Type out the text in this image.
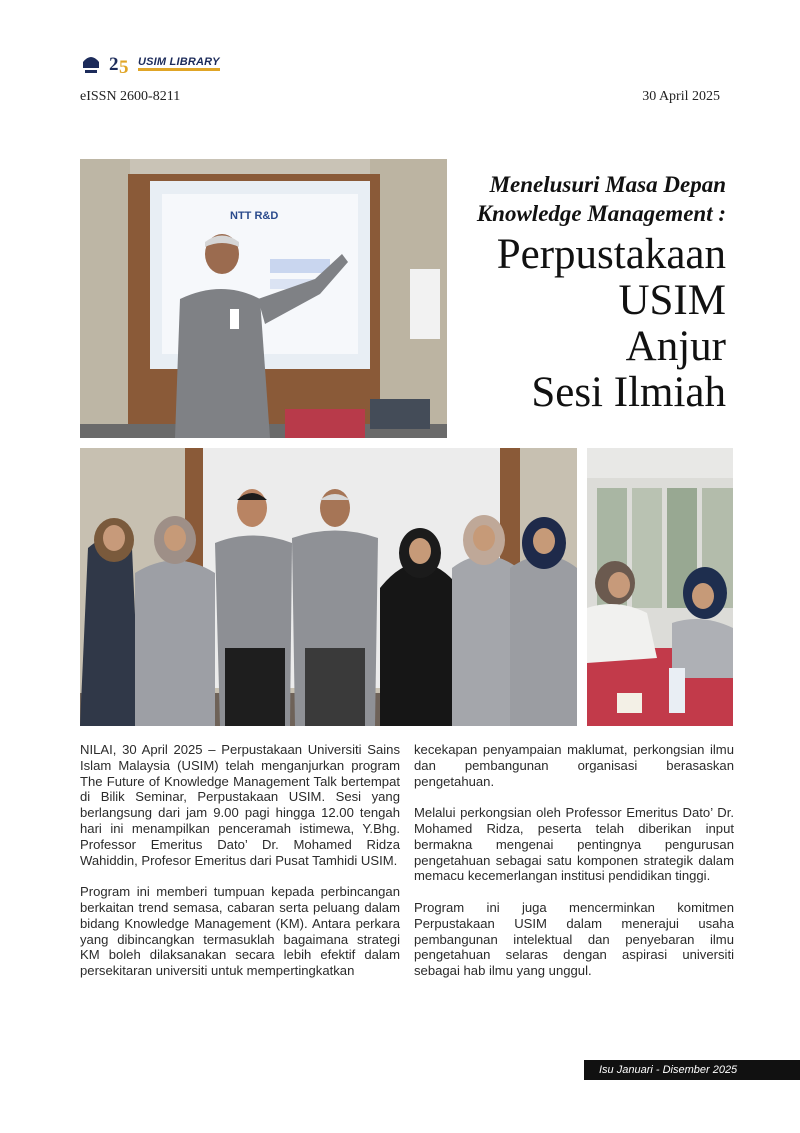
2 5 USIM LIBRARY
eISSN 2600-8211	30 April 2025
NTT R&D
Menelusuri Masa Depan
Knowledge Management :
Perpustakaan
USIM
Anjur
Sesi Ilmiah

NILAI, 30 April 2025 – Perpustakaan Universiti Sains Islam Malaysia (USIM) telah menganjurkan program The Future of Knowledge Management Talk bertempat di Bilik Seminar, Perpustakaan USIM. Sesi yang berlangsung dari jam 9.00 pagi hingga 12.00 tengah hari ini menampilkan penceramah istimewa, Y.Bhg. Professor Emeritus Dato’ Dr. Mohamed Ridza Wahiddin, Profesor Emeritus dari Pusat Tamhidi USIM.

Program ini memberi tumpuan kepada perbincangan berkaitan trend semasa, cabaran serta peluang dalam bidang Knowledge Management (KM). Antara perkara yang dibincangkan termasuklah bagaimana strategi KM boleh dilaksanakan secara lebih efektif dalam persekitaran universiti untuk mempertingkatkan

kecekapan penyampaian maklumat, perkongsian ilmu dan pembangunan organisasi berasaskan pengetahuan.

Melalui perkongsian oleh Professor Emeritus Dato’ Dr. Mohamed Ridza, peserta telah diberikan input bermakna mengenai pentingnya pengurusan pengetahuan sebagai satu komponen strategik dalam memacu kecemerlangan institusi pendidikan tinggi.

Program ini juga mencerminkan komitmen Perpustakaan USIM dalam menerajui usaha pembangunan intelektual dan penyebaran ilmu pengetahuan selaras dengan aspirasi universiti sebagai hab ilmu yang unggul.

Isu Januari - Disember 2025
